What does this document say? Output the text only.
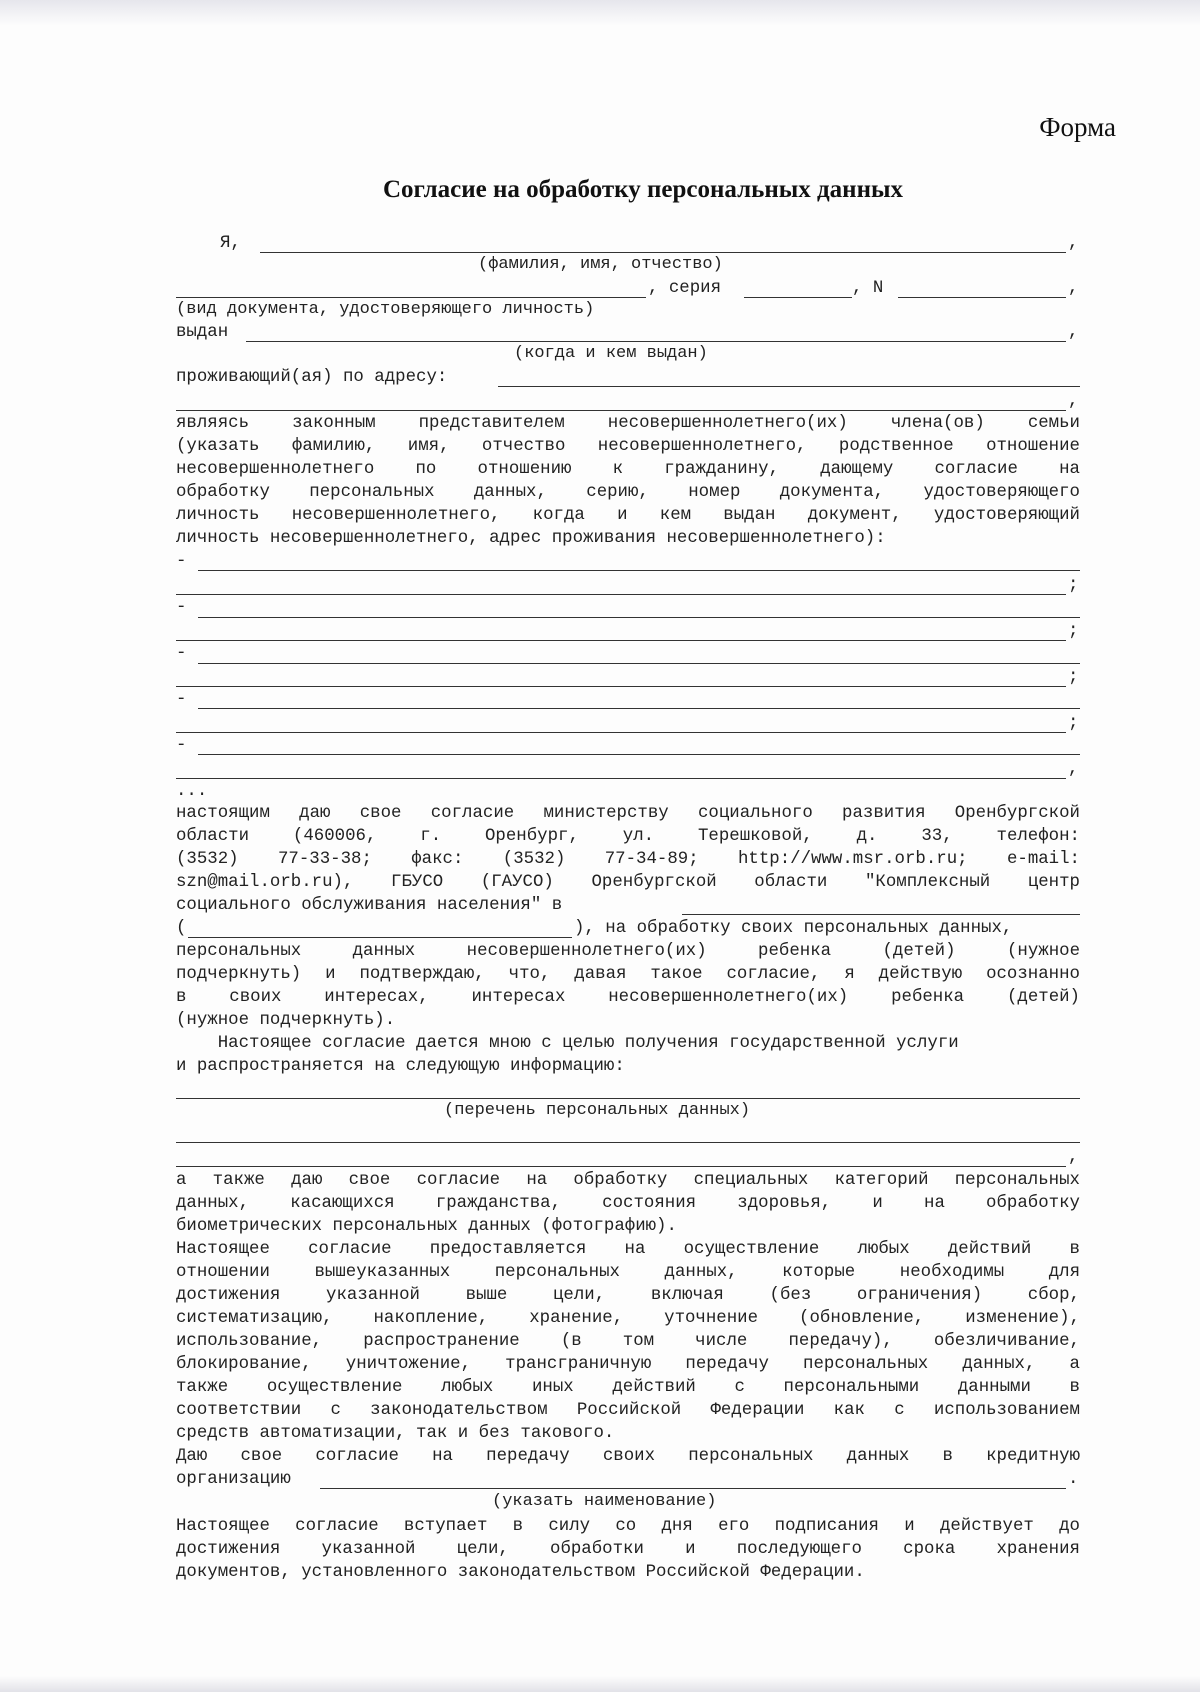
Форма
Согласие на обработку персональных данных
Я,	,
(фамилия, имя, отчество)
, серия	, N	,
(вид документа, удостоверяющего личность)
выдан	,
(когда и кем выдан)
проживающий(ая) по адресу:
,
являясь законным представителем несовершеннолетнего(их) члена(ов) семьи
(указать фамилию, имя, отчество несовершеннолетнего, родственное отношение
несовершеннолетнего по отношению к гражданину, дающему согласие на
обработку персональных данных, серию, номер документа, удостоверяющего
личность несовершеннолетнего, когда и кем выдан документ, удостоверяющий
личность несовершеннолетнего, адрес проживания несовершеннолетнего):
-
;
-
;
-
;
-
;
-
,
...
настоящим даю свое согласие министерству социального развития Оренбургской
области (460006, г. Оренбург, ул. Терешковой, д. 33, телефон:
(3532) 77-33-38; факс: (3532) 77-34-89; http://www.msr.orb.ru; e-mail:
szn@mail.orb.ru), ГБУСО (ГАУСО) Оренбургской области "Комплексный центр
социального обслуживания населения" в
(	), на обработку своих персональных данных,
персональных данных несовершеннолетнего(их) ребенка (детей) (нужное
подчеркнуть) и подтверждаю, что, давая такое согласие, я действую осознанно
в своих интересах, интересах несовершеннолетнего(их) ребенка (детей)
(нужное подчеркнуть).
Настоящее согласие дается мною с целью получения государственной услуги
и распространяется на следующую информацию:
(перечень персональных данных)
,
а также даю свое согласие на обработку специальных категорий персональных
данных, касающихся гражданства, состояния здоровья, и на обработку
биометрических персональных данных (фотографию).
Настоящее согласие предоставляется на осуществление любых действий в
отношении вышеуказанных персональных данных, которые необходимы для
достижения указанной выше цели, включая (без ограничения) сбор,
систематизацию, накопление, хранение, уточнение (обновление, изменение),
использование, распространение (в том числе передачу), обезличивание,
блокирование, уничтожение, трансграничную передачу персональных данных, а
также осуществление любых иных действий с персональными данными в
соответствии с законодательством Российской Федерации как с использованием
средств автоматизации, так и без такового.
Даю свое согласие на передачу своих персональных данных в кредитную
организацию	.
(указать наименование)
Настоящее согласие вступает в силу со дня его подписания и действует до
достижения указанной цели, обработки и последующего срока хранения
документов, установленного законодательством Российской Федерации.
